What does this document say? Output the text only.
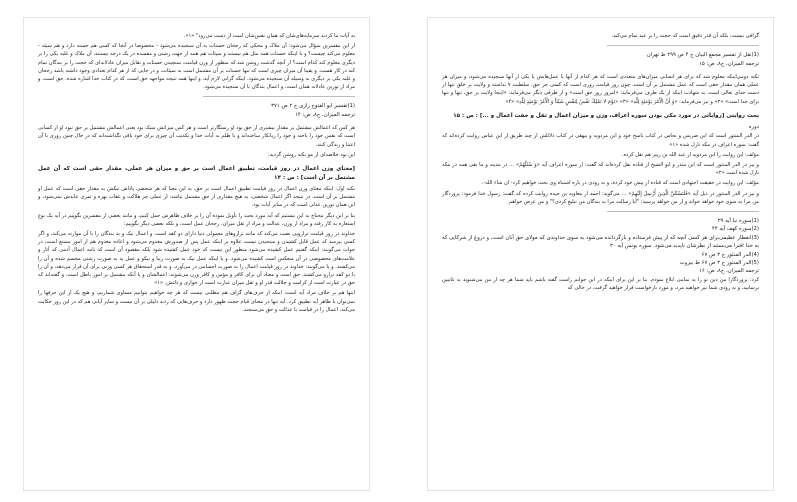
به آیات ما کردند سرمایه‌های‌شان که همان نفس‌شان است از دست می‌رود" «۱».

از این مفسرین سؤال می‌شود: آن ملاک و محکی که رجحان حسنات به آن سنجیده می‌شود - مخصوصا در آنجا که کسی هم حسنه دارد و هم سیئه - معلوم می‌کند چیست؟ و با اینکه حسنات همه مثل هم نیستند و سیئات هم همه از جهت زشتی و مفسده در یک درجه نیستند، آن ملاک و غلبه یکی را بر دیگری معلوم کند کدام است؟ از آنچه گذشت روشن شد که منظور از وزن قیامت، سنجیدن حسنات و تقابل میزان عادلانه‌ای که حجت را بر بندگان تمام کند در کار هست. و یقینا آن میزان چیزی است که تنها حسنات بر آن مشتمل است نه سیئات، و در جایی که از هر کدام تعدادی وجود داشته باشد رجحان و غلبه یکی بر دیگری به وسیله آن سنجیده می‌شود. اینکه گرانی لازم آید، و اینها همه نتیجه مواجهه حق است، که در کتاب خدا اشاره شده. حق است، و مراد از توزین عادلانه همان است، و اعمال بندگان با آن سنجیده می‌شود.

(1)تفسیر ابو الفتوح رازی ج ۲ ص ۳۷۱

ترجمه المیزان، ج‏۸، ص: ۱۴

هر کس که اعمالش مشتمل بر مقدار بیشتری از حق بود او رستگارتر است و هر کس میزانش سبک بود یعنی اعمالش مشتمل بر حق نبود او از کسانی است که نفس خود را باخته و خود را زیانکار ساخته‌اند و با ظلم به آیات خدا و تکذیب آن چیزی برای خود باقی نگذاشته‌اند که در حال چنین روزی با آن اعتنا و زندگی کنند.

این بود خلاصه‌ای از مو نکته روشن گردید:

[معنای وزن اعمال در روز قیامت، تطبیق اعمال است بر حق و میزان هر عملی، مقدار حقی است که آن عمل مشتمل بر آن است] : ص : ۱۴

نکته اول: اینکه معنای وزن اعمال در روز قیامت تطبیق اعمال است بر حق، به این معنا که هر شخصی پاداش نیکش به مقدار حقی است که عمل او مشتمل بر آن است، در نتیجه اگر اعمال شخصی، به هیچ مقداری از حق مشتمل نباشد، از عملی جز هلاکت و عقاب بهره و ثمری عایدش نمی‌شود، و این همان توزین عدلی است که در سایر آیات بود.

بنا بر این دیگر محتاج به این نیستیم که آیه مورد بحث را تأویل نموده آن را بر خلاف ظاهرش حمل کنیم، و مانند بعضی از مفسرین بگوییم در آیه یک نوع استعاره به کار رفته و مراد از وزن، عدالت و مراد از ثقل میزان، رجحان عمل است، و بلکه بعضی دیگر بگوییم:

خداوند در روز قیامت ترازویی نصب می‌کند که مانند ترازوهای معمولی دنیا دارای دو کفه است، و اعمال نیک و بد بندگان را با آن موازنه می‌کند، و اگر کسی بپرسد که عمل قابل کشیدن و سنجیدن نیست علاوه بر اینکه عمل پس از صدورش معدوم می‌شود و اعاده معدوم هم از امور ممتنع است، در جواب می‌گویند: اینکه گفتیم عمل کشیده می‌شود منظور این نیست که خود عمل کشیده شود بلکه مقصود آن است که نامه اعمال آدمی که آثار و علامت‌های مخصوصی در آن منعکس است کشیده می‌شود. و یا اینکه عمل نیک به صورت زیبا و نیکو و عمل بد به صورت زشتی مجسم شده و آن را می‌کشند. و یا می‌گویند: خداوند در روز قیامت اعمال را به صورت اجسامی در می‌آورد، و به قدر استحقاق هر کسی وزنی برای آن قرار می‌دهد، و آن را با دو کفه ترازو می‌کشند. حق است و معناد آن برای کافر و مؤمن و کافر وزن می‌شوند. اعمالشان و یا آنکه مشتمل بر امور باطل است، و گفته‌اند که حق در عبارت است از کرامت و جلالت قدر او و ثقل میزان عبارت است از خواری و ذلتش. «۱»

اینها هم بر خلاف مراد آیه است، اینکه از حرف‌های گزاف هم مطلبی نیست که هر چه خواهیم بتوانیم مساوی شماریم، و هیچ یک از این حرفها را نمی‌توان با ظاهر آیه تطبیق کرد. آیه تنها در معنای قیام حجت ظهور دارد و حرف‌هایی که زدند دلیلی بر آن نیست و سایر آیاتی هم که در این روز حکایت می‌کند، اعمال را در قیامت با عدالت و حق می‌سنجند.

گزافی نیست، بلکه آن قدر دقیق است که حجت را بر عبد تمام می‌کند.

(1)نقل از تفسیر مجمع البیان ج ۴ ص ۲۹۹ ط تهران

ترجمه المیزان، ج‏۸، ص: ۱۵

نکته دومی‌اینکه معلوم شد که برای هر انسانی میزان‌های متعددی است که هر کدام از آنها با عمل‌هایش یا یکی از آنها سنجیده می‌شود، و میزان هر عملی همان مقدار حقی است که عمل مشتمل بر آن است، چون روز قیامت روزی است که کسی جز حق، سلطنت ۷ نداشته و ولایت بر خلق تنها از دست خدای تعالی است، به شهادت اینکه از یک طرف می‌فرماید: «امروز روز حق است» و از طرفی دیگر می‌فرماید: «اینجا ولایت بر حق، تنها و تنها برای خدا است» «۲» و نیز می‌فرماید: «وَ أَنَّ الْأَمْرَ یَوْمَئِذٍ لِلَّهِ» «۳» «يَوْمَ لا تَمْلِكُ نَفْسٌ لِنَفْسٍ شَيْئاً وَ الْأَمْرُ يَوْمَئِذٍ لِلَّهِ» «۴»

بحث روایتی [روایاتی در مورد مکی بودن سوره اعراف، وزن و میزان اعمال و ثقل و خفت اعمال و ...] : ص : ۱۵

دوره

در الدر المنثور است که ابن ضریس و نحاس در کتاب ناسخ خود و ابن مردویه و بیهقی در کتاب دلائلش از چند طریق از ابن عباس روایت کرده‌اند که گفت: سوره اعراف در مکه نازل شده «۱»

مؤلف: این روایت را ابن مردویه از عبد الله بن زبیر هم نقل کرده.

و نیز در الدر المنثور است که ابن منذر و ابو الشیخ از قتاده نقل کرده‌اند که گفت: از سوره اعراف آیه «وَ سْئَلْهُمْ» ... در مدینه و ما بقی همه در مکه نازل شده است «۲»

مؤلف: این روایت در حقیقت اجتهادی است که قتاده از پیش خود کرده، و به زودی در باره اشتباه وی بحث خواهیم کرد- ان شاء الله-.

و نیز در الدر المنثور در ذیل آیه «فَلَنَسْئَلَنَّ الَّذِينَ أُرْسِلَ إِلَيْهِمْ» ... می‌گوید: احمد از معاویه بن حیده روایت کرده که گفت: رسول خدا فرمود: پروردگار من مرا به سوی خود خواهد خواند و از من خواهد پرسید: "آیا رسالت مرا به بندگان من تبلیغ کردی؟" و من عرض خواهم

(1)سوره نبا آیه ۳۹

(2)سوره کهف آیه ۴۴

(3)انفطار عظیمی‌برای هر کسی آنچه که از پیش فرستاده و بازگردانده می‌شود به سوی خداوندی که مولای حق آنان است، و دروغ از شرکایی که به خدا افترا می‌بستند از نظرشان ناپدید می‌شود. سوره یونس آیه ۳۰

(4)الدر المنثور ج ۳ ص ۶۷

(5)الدر المنثور ج ۳ ص ۶۷ ط بیروت

ترجمه المیزان، ج‏۸، ص: ۱۶

کرد: پروردگارا من دین تو را به تمامی ابلاغ نمودم. بنا بر این برای اینکه در این جوابم راست گفته باشم باید شما هر چه از من می‌شنوید به غایبین برسانید، و به زودی شما نیز خواهید مرد، و مورد بازخواست قرار خواهید گرفت، در حالی که
